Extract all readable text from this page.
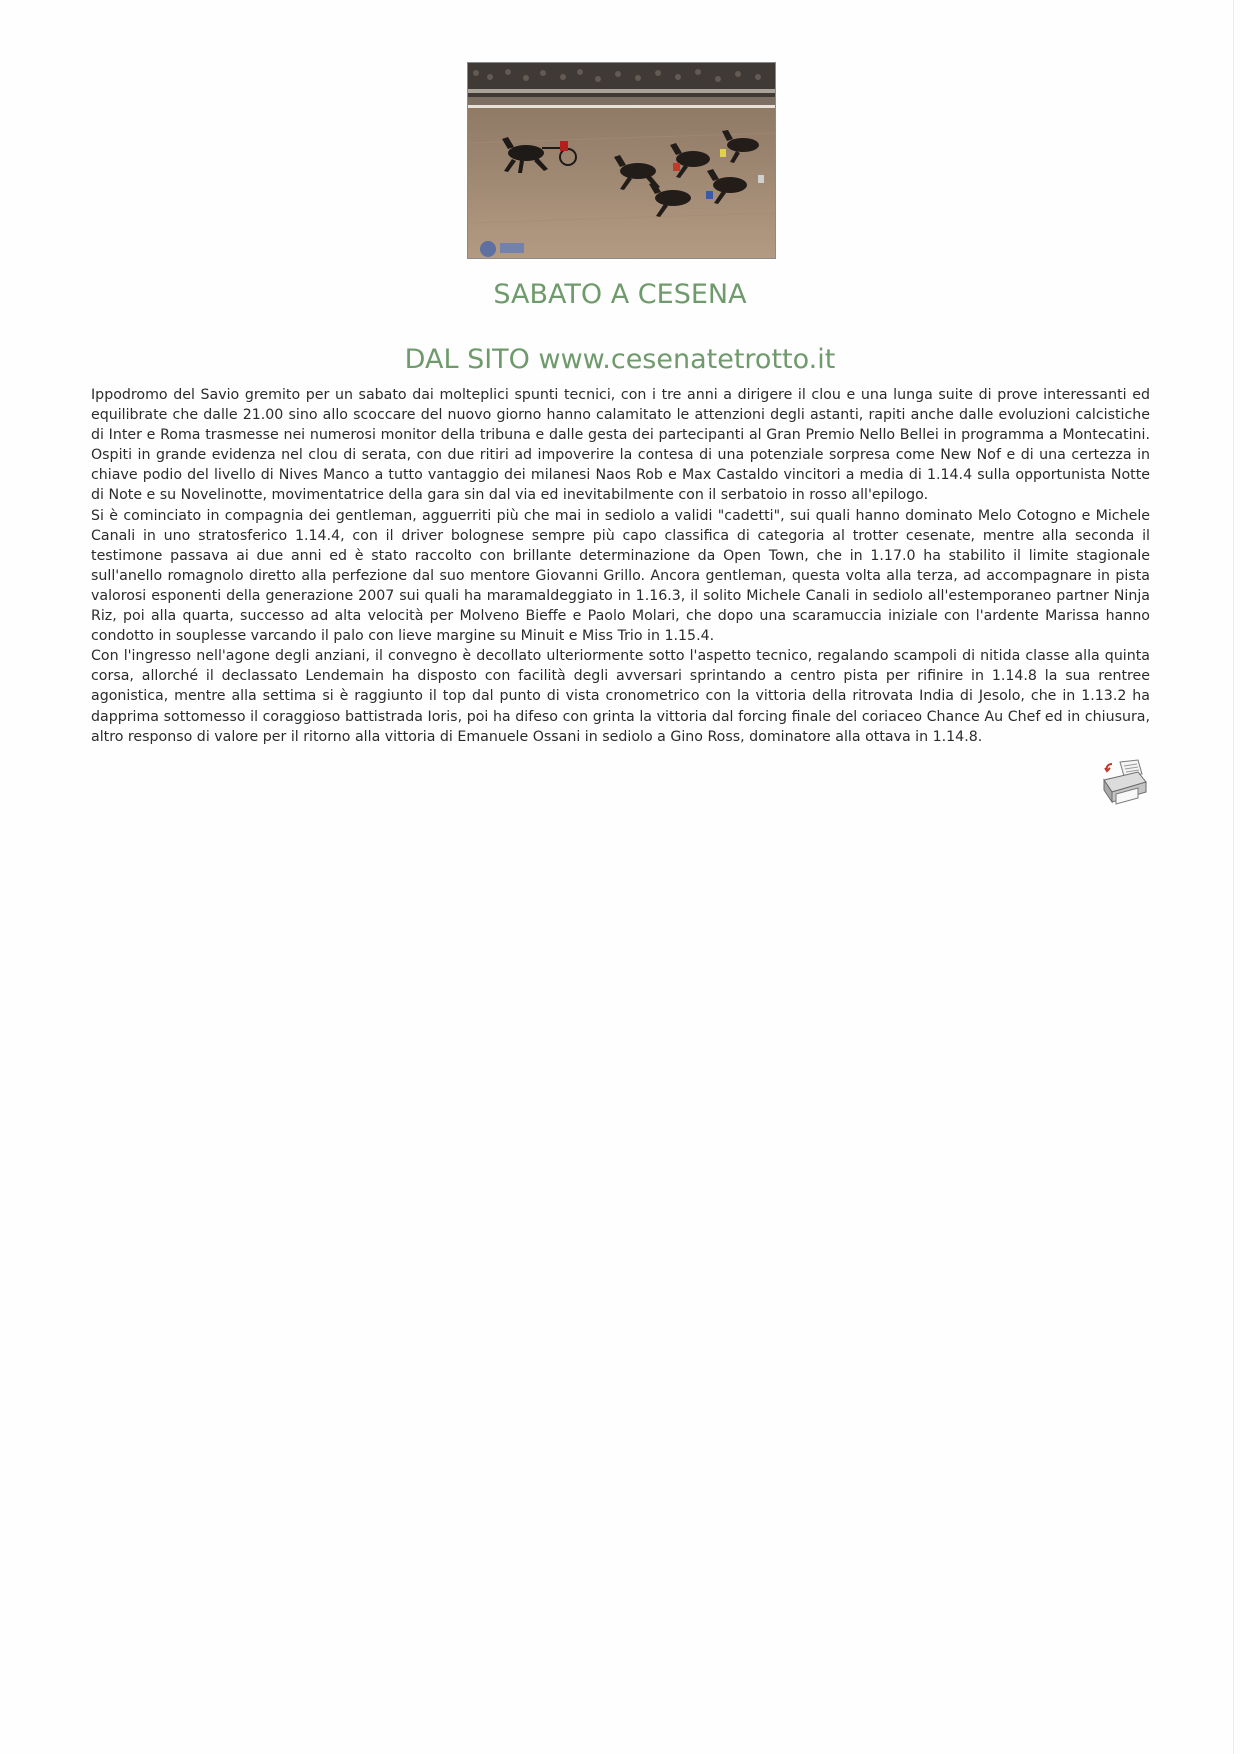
SABATO A CESENA
DAL SITO www.cesenatetrotto.it

Ippodromo del Savio gremito per un sabato dai molteplici spunti tecnici, con i tre anni a dirigere il clou e una lunga suite di prove interessanti ed equilibrate che dalle 21.00 sino allo scoccare del nuovo giorno hanno calamitato le attenzioni degli astanti, rapiti anche dalle evoluzioni calcistiche di Inter e Roma trasmesse nei numerosi monitor della tribuna e dalle gesta dei partecipanti al Gran Premio Nello Bellei in programma a Montecatini. Ospiti in grande evidenza nel clou di serata, con due ritiri ad impoverire la contesa di una potenziale sorpresa come New Nof e di una certezza in chiave podio del livello di Nives Manco a tutto vantaggio dei milanesi Naos Rob e Max Castaldo vincitori a media di 1.14.4 sulla opportunista Notte di Note e su Novelinotte, movimentatrice della gara sin dal via ed inevitabilmente con il serbatoio in rosso all'epilogo.

Si è cominciato in compagnia dei gentleman, agguerriti più che mai in sediolo a validi "cadetti", sui quali hanno dominato Melo Cotogno e Michele Canali in uno stratosferico 1.14.4, con il driver bolognese sempre più capo classifica di categoria al trotter cesenate, mentre alla seconda il testimone passava ai due anni ed è stato raccolto con brillante determinazione da Open Town, che in 1.17.0 ha stabilito il limite stagionale sull'anello romagnolo diretto alla perfezione dal suo mentore Giovanni Grillo. Ancora gentleman, questa volta alla terza, ad accompagnare in pista valorosi esponenti della generazione 2007 sui quali ha maramaldeggiato in 1.16.3, il solito Michele Canali in sediolo all'estemporaneo partner Ninja Riz, poi alla quarta, successo ad alta velocità per Molveno Bieffe e Paolo Molari, che dopo una scaramuccia iniziale con l'ardente Marissa hanno condotto in souplesse varcando il palo con lieve margine su Minuit e Miss Trio in 1.15.4.

Con l'ingresso nell'agone degli anziani, il convegno è decollato ulteriormente sotto l'aspetto tecnico, regalando scampoli di nitida classe alla quinta corsa, allorché il declassato Lendemain ha disposto con facilità degli avversari sprintando a centro pista per rifinire in 1.14.8 la sua rentree agonistica, mentre alla settima si è raggiunto il top dal punto di vista cronometrico con la vittoria della ritrovata India di Jesolo, che in 1.13.2 ha dapprima sottomesso il coraggioso battistrada Ioris, poi ha difeso con grinta la vittoria dal forcing finale del coriaceo Chance Au Chef ed in chiusura, altro responso di valore per il ritorno alla vittoria di Emanuele Ossani in sediolo a Gino Ross, dominatore alla ottava in 1.14.8.
